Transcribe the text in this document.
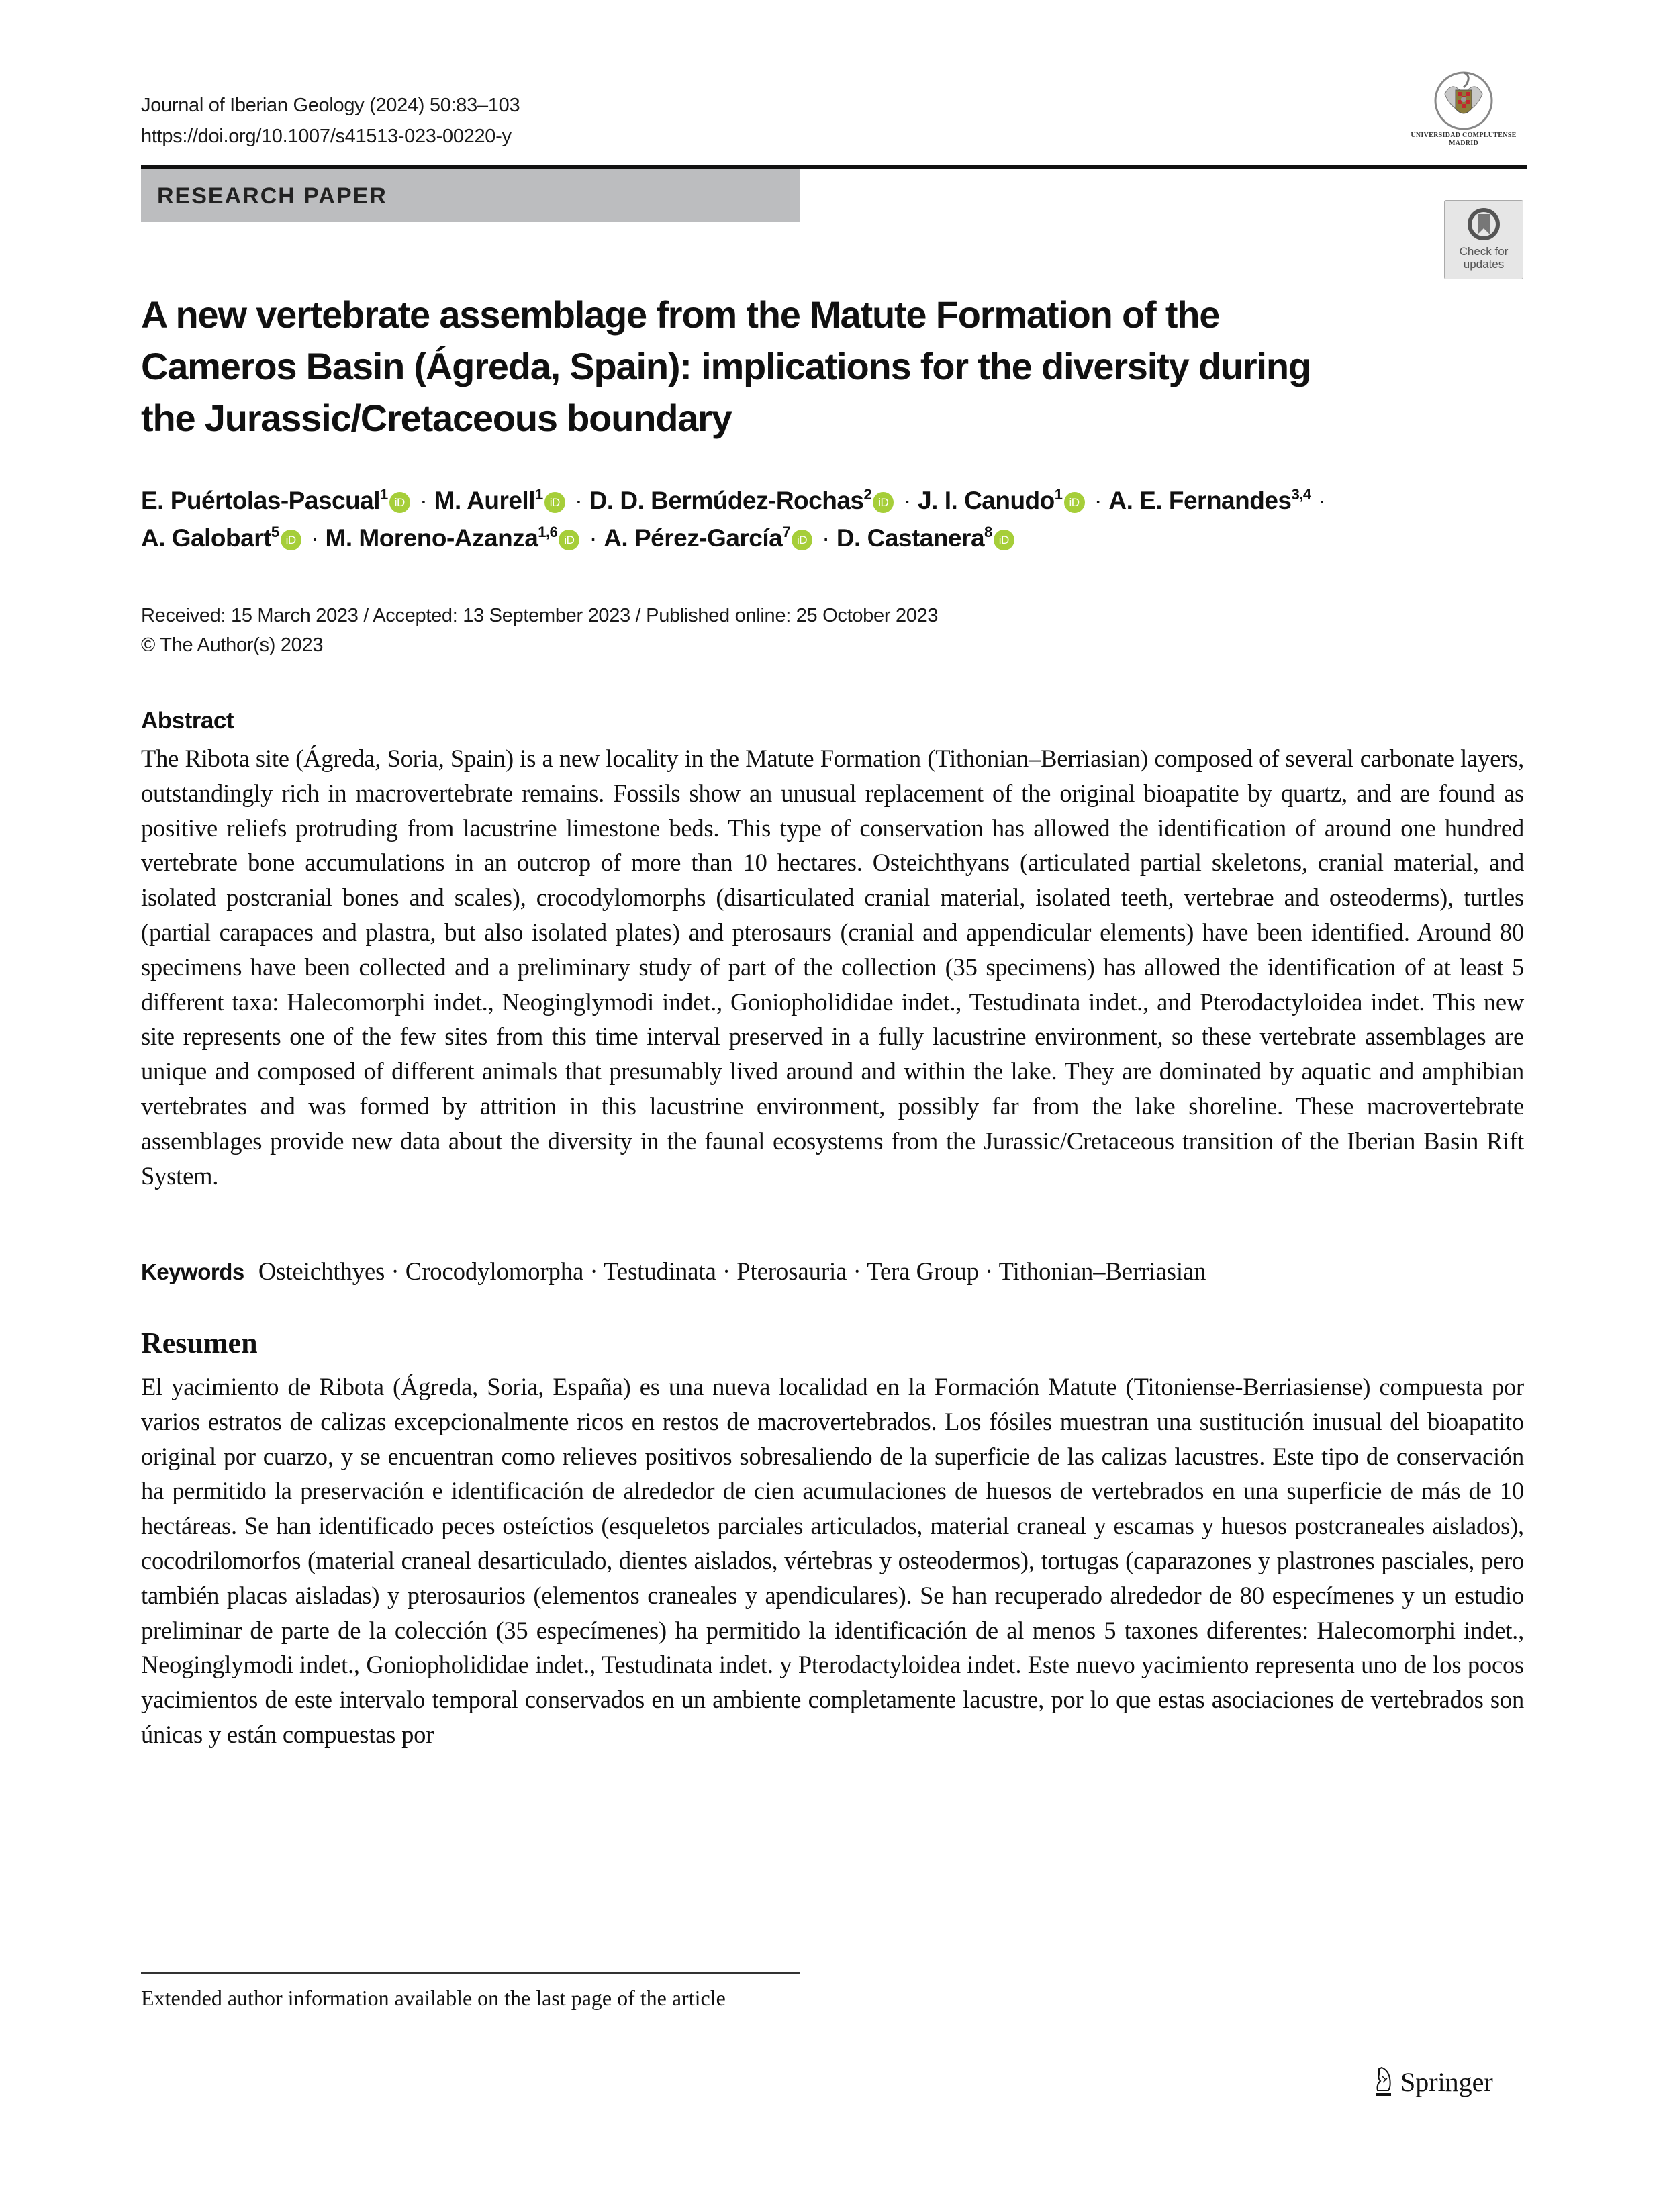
Journal of Iberian Geology (2024) 50:83–103
https://doi.org/10.1007/s41513-023-00220-y	UNIVERSIDAD COMPLUTENSE
MADRID
RESEARCH PAPER
Check for
updates
A new vertebrate assemblage from the Matute Formation of the
Cameros Basin (Ágreda, Spain): implications for the diversity during
the Jurassic/Cretaceous boundary
E. Puértolas-Pascual$^1$ iD · M. Aurell$^1$ iD · D. D. Bermúdez-Rochas$^2$ iD · J. I. Canudo$^1$ iD · A. E. Fernandes$^{3,4}$ ·
A. Galobart$^5$ iD · M. Moreno-Azanza$^{1,6}$ iD · A. Pérez-García$^7$ iD · D. Castanera$^8$ iD
Received: 15 March 2023 / Accepted: 13 September 2023 / Published online: 25 October 2023
© The Author(s) 2023
Abstract

The Ribota site (Ágreda, Soria, Spain) is a new locality in the Matute Formation (Tithonian–Berriasian) composed of several carbonate layers, outstandingly rich in macrovertebrate remains. Fossils show an unusual replacement of the original bioapatite by quartz, and are found as positive reliefs protruding from lacustrine limestone beds. This type of conservation has allowed the identification of around one hundred vertebrate bone accumulations in an outcrop of more than 10 hectares. Osteichthyans (articulated partial skeletons, cranial material, and isolated postcranial bones and scales), crocodylomorphs (disarticulated cranial material, isolated teeth, vertebrae and osteoderms), turtles (partial carapaces and plastra, but also isolated plates) and pterosaurs (cranial and appendicular elements) have been identified. Around 80 specimens have been collected and a preliminary study of part of the collection (35 specimens) has allowed the identification of at least 5 different taxa: Halecomorphi indet., Neoginglymodi indet., Goniopholididae indet., Testudinata indet., and Pterodactyloidea indet. This new site represents one of the few sites from this time interval preserved in a fully lacustrine environment, so these vertebrate assemblages are unique and composed of different animals that presumably lived around and within the lake. They are dominated by aquatic and amphibian vertebrates and was formed by attrition in this lacustrine environment, possibly far from the lake shoreline. These macrovertebrate assemblages provide new data about the diversity in the faunal ecosystems from the Jurassic/Cretaceous transition of the Iberian Basin Rift System.

Keywords Osteichthyes · Crocodylomorpha · Testudinata · Pterosauria · Tera Group · Tithonian–Berriasian
Resumen

El yacimiento de Ribota (Ágreda, Soria, España) es una nueva localidad en la Formación Matute (Titoniense-Berriasiense) compuesta por varios estratos de calizas excepcionalmente ricos en restos de macrovertebrados. Los fósiles muestran una sustitución inusual del bioapatito original por cuarzo, y se encuentran como relieves positivos sobresaliendo de la superficie de las calizas lacustres. Este tipo de conservación ha permitido la preservación e identificación de alrededor de cien acumulaciones de huesos de vertebrados en una superficie de más de 10 hectáreas. Se han identificado peces osteíctios (esqueletos parciales articulados, material craneal y escamas y huesos postcraneales aislados), cocodrilomorfos (material craneal desarticulado, dientes aislados, vértebras y osteodermos), tortugas (caparazones y plastrones pasciales, pero también placas aisladas) y pterosaurios (elementos craneales y apendiculares). Se han recuperado alrededor de 80 especímenes y un estudio preliminar de parte de la colección (35 especímenes) ha permitido la identificación de al menos 5 taxones diferentes: Halecomorphi indet., Neoginglymodi indet., Goniopholididae indet., Testudinata indet. y Pterodactyloidea indet. Este nuevo yacimiento representa uno de los pocos yacimientos de este intervalo temporal conservados en un ambiente completamente lacustre, por lo que estas asociaciones de vertebrados son únicas y están compuestas por

Extended author information available on the last page of the article
Springer
